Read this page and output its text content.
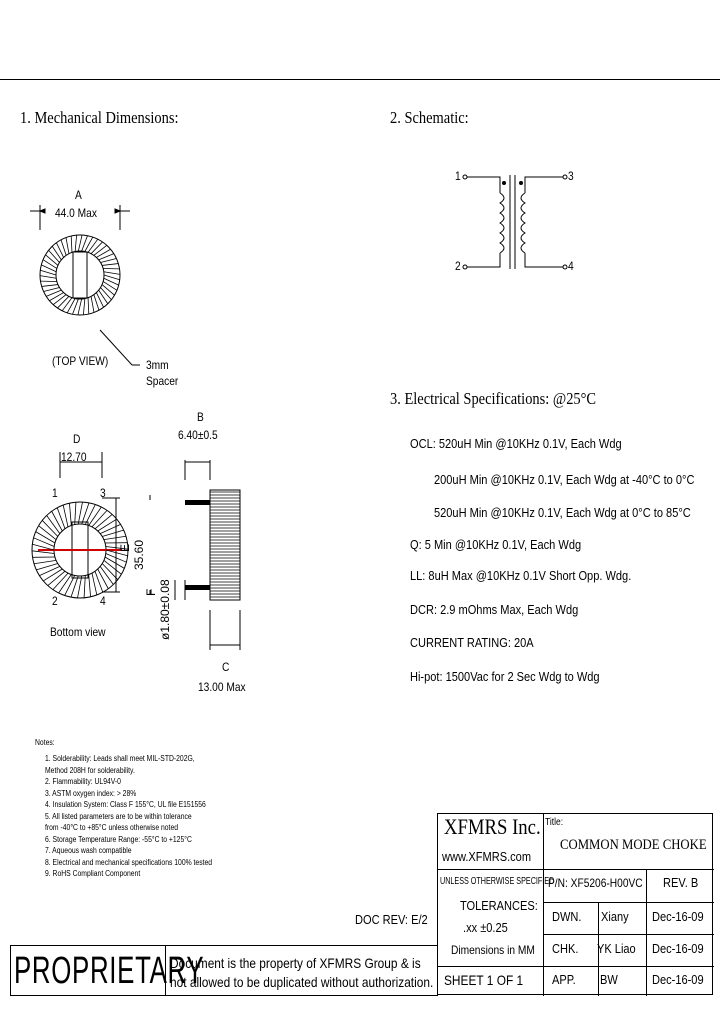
1. Mechanical Dimensions:	2. Schematic:
3. Electrical Specifications: @25°C
A
44.0 Max
(TOP VIEW)	3mm
Spacer
B
6.40±0.5
D
12.70
1	3
2	4
E 35.60
F ø1.80±0.08
Bottom view
C
13.00 Max
1
2
3
4
OCL: 520uH Min @10KHz 0.1V, Each Wdg
200uH Min @10KHz 0.1V, Each Wdg at -40°C to 0°C
520uH Min @10KHz 0.1V, Each Wdg at 0°C to 85°C
Q: 5 Min @10KHz 0.1V, Each Wdg
LL: 8uH Max @10KHz 0.1V Short Opp. Wdg.
DCR: 2.9 mOhms Max, Each Wdg
CURRENT RATING: 20A
Hi-pot: 1500Vac for 2 Sec Wdg to Wdg
Notes:
1. Solderability: Leads shall meet MIL-STD-202G,
Method 208H for solderability.
2. Flammability: UL94V-0
3. ASTM oxygen index: > 28%
4. Insulation System: Class F 155°C, UL file E151556
5. All listed parameters are to be within tolerance
from -40°C to +85°C unless otherwise noted
6. Storage Temperature Range: -55°C to +125°C
7. Aqueous wash compatible
8. Electrical and mechanical specifications 100% tested
9. RoHS Compliant Component
DOC REV: E/2
PROPRIETARY
Document is the property of XFMRS Group & is
not allowed to be duplicated without authorization.
XFMRS Inc.
www.XFMRS.com
Title:
COMMON MODE CHOKE
UNLESS OTHERWISE SPECIFIED
TOLERANCES:
.xx ±0.25
Dimensions in MM
SHEET 1 OF 1
P/N: XF5206-H00VC REV. B
DWN. Xiany Dec-16-09
CHK. YK Liao Dec-16-09
APP. BW	Dec-16-09
